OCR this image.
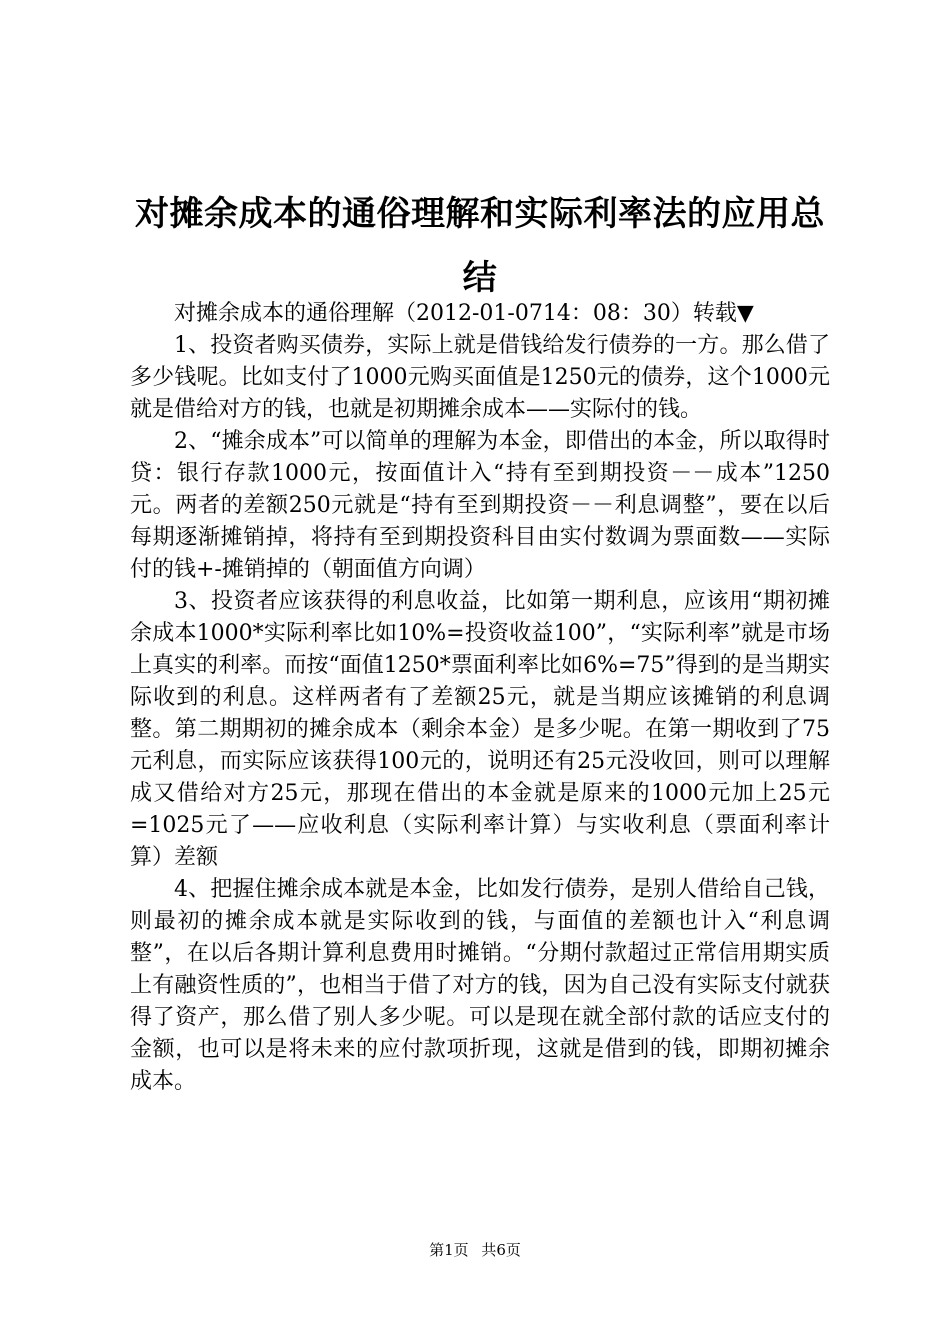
对摊余成本的通俗理解和实际利率法的应用总结

对摊余成本的通俗理解（2012-01-0714：08：30）转载▼

1、投资者购买债券，实际上就是借钱给发行债券的一方。那么借了多少钱呢。比如支付了1000元购买面值是1250元的债券，这个1000元就是借给对方的钱，也就是初期摊余成本——实际付的钱。

2、“摊余成本”可以简单的理解为本金，即借出的本金，所以取得时贷：银行存款1000元，按面值计入“持有至到期投资－－成本”1250元。两者的差额250元就是“持有至到期投资－－利息调整”，要在以后每期逐渐摊销掉，将持有至到期投资科目由实付数调为票面数——实际付的钱+-摊销掉的（朝面值方向调）

3、投资者应该获得的利息收益，比如第一期利息，应该用“期初摊余成本1000*实际利率比如10%=投资收益100”，“实际利率”就是市场上真实的利率。而按“面值1250*票面利率比如6%=75”得到的是当期实际收到的利息。这样两者有了差额25元，就是当期应该摊销的利息调整。第二期期初的摊余成本（剩余本金）是多少呢。在第一期收到了75元利息，而实际应该获得100元的，说明还有25元没收回，则可以理解成又借给对方25元，那现在借出的本金就是原来的1000元加上25元=1025元了——应收利息（实际利率计算）与实收利息（票面利率计算）差额

4、把握住摊余成本就是本金，比如发行债券，是别人借给自己钱，则最初的摊余成本就是实际收到的钱，与面值的差额也计入“利息调整”，在以后各期计算利息费用时摊销。“分期付款超过正常信用期实质上有融资性质的”，也相当于借了对方的钱，因为自己没有实际支付就获得了资产，那么借了别人多少呢。可以是现在就全部付款的话应支付的金额，也可以是将未来的应付款项折现，这就是借到的钱，即期初摊余成本。

第1页 共6页
